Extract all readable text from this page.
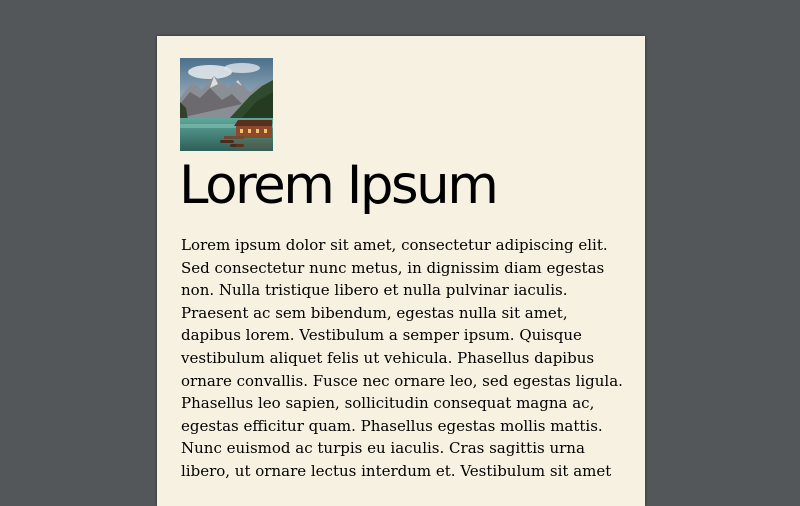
Lorem Ipsum

Lorem ipsum dolor sit amet, consectetur adipiscing elit. Sed consectetur nunc metus, in dignissim diam egestas non. Nulla tristique libero et nulla pulvinar iaculis. Praesent ac sem bibendum, egestas nulla sit amet, dapibus lorem. Vestibulum a semper ipsum. Quisque vestibulum aliquet felis ut vehicula. Phasellus dapibus ornare convallis. Fusce nec ornare leo, sed egestas ligula. Phasellus leo sapien, sollicitudin consequat magna ac, egestas efficitur quam. Phasellus egestas mollis mattis. Nunc euismod ac turpis eu iaculis. Cras sagittis urna libero, ut ornare lectus interdum et. Vestibulum sit amet
